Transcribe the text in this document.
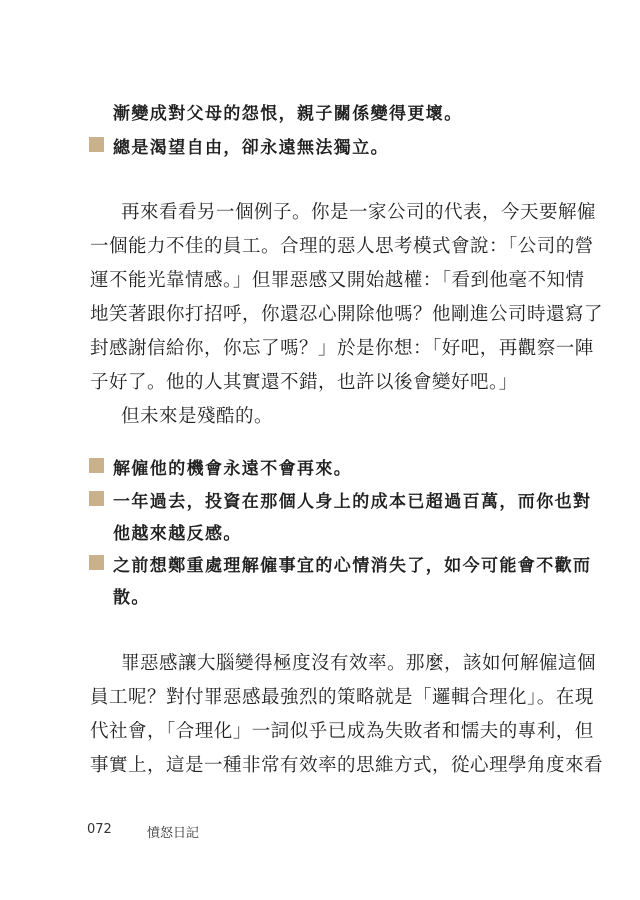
漸變成對父母的怨恨，親子關係變得更壞。
總是渴望自由，卻永遠無法獨立。
再來看看另一個例子。你是一家公司的代表，今天要解僱
一個能力不佳的員工。合理的惡人思考模式會說：「公司的營
運不能光靠情感。」但罪惡感又開始越權：「看到他毫不知情
地笑著跟你打招呼，你還忍心開除他嗎？他剛進公司時還寫了
封感謝信給你，你忘了嗎？」於是你想：「好吧，再觀察一陣
子好了。他的人其實還不錯，也許以後會變好吧。」
但未來是殘酷的。
解僱他的機會永遠不會再來。
一年過去，投資在那個人身上的成本已超過百萬，而你也對
他越來越反感。
之前想鄭重處理解僱事宜的心情消失了，如今可能會不歡而
散。
罪惡感讓大腦變得極度沒有效率。那麼，該如何解僱這個
員工呢？對付罪惡感最強烈的策略就是「邏輯合理化」。在現
代社會，「合理化」一詞似乎已成為失敗者和懦夫的專利，但
事實上，這是一種非常有效率的思維方式，從心理學角度來看
072	憤怒日記
